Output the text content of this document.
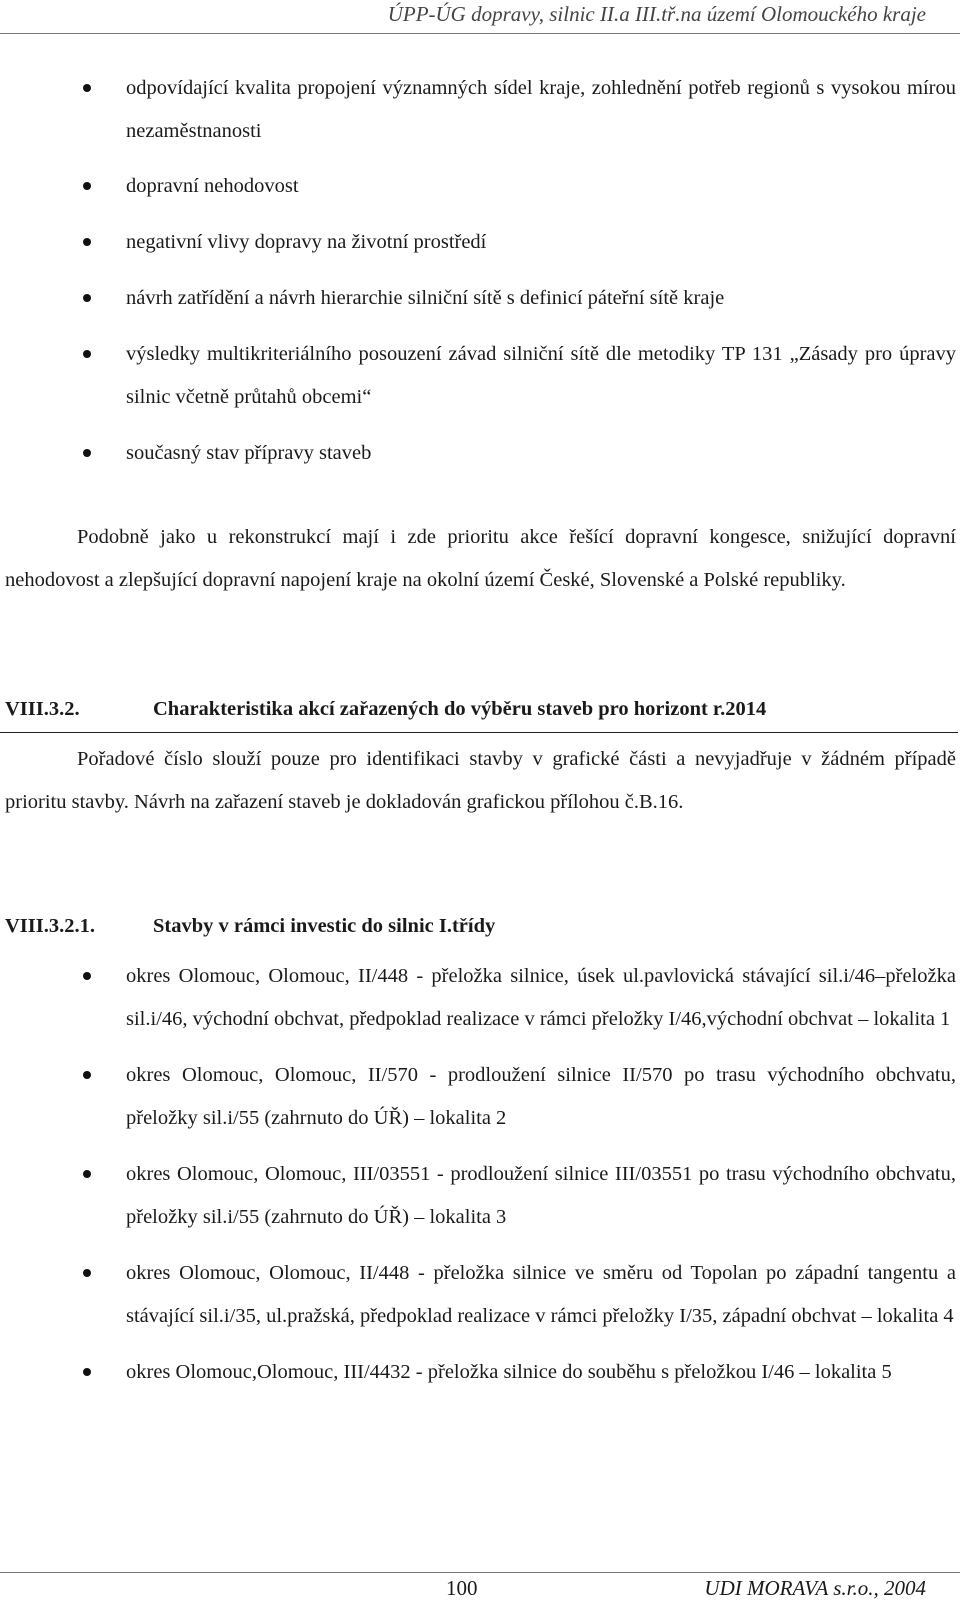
ÚPP-ÚG dopravy, silnic II.a III.tř.na území Olomouckého kraje
odpovídající kvalita propojení významných sídel kraje, zohlednění potřeb regionů s vysokou mírou nezaměstnanosti
dopravní nehodovost
negativní vlivy dopravy na životní prostředí
návrh zatřídění a návrh hierarchie silniční sítě s definicí páteřní sítě kraje
výsledky multikriteriálního posouzení závad silniční sítě dle metodiky TP 131 „Zásady pro úpravy silnic včetně průtahů obcemi“
současný stav přípravy staveb

Podobně jako u rekonstrukcí mají i zde prioritu akce řešící dopravní kongesce, snižující dopravní nehodovost a zlepšující dopravní napojení kraje na okolní území České, Slovenské a Polské republiky.

VIII.3.2.	Charakteristika akcí zařazených do výběru staveb pro horizont r.2014

Pořadové číslo slouží pouze pro identifikaci stavby v grafické části a nevyjadřuje v žádném případě prioritu stavby. Návrh na zařazení staveb je dokladován grafickou přílohou č.B.16.

VIII.3.2.1.	Stavby v rámci investic do silnic I.třídy
okres Olomouc, Olomouc, II/448 - přeložka silnice, úsek ul.pavlovická stávající sil.i/46–přeložka sil.i/46, východní obchvat, předpoklad realizace v rámci přeložky I/46,východní obchvat – lokalita 1
okres Olomouc, Olomouc, II/570 - prodloužení silnice II/570 po trasu východního obchvatu, přeložky sil.i/55 (zahrnuto do ÚŘ) – lokalita 2
okres Olomouc, Olomouc, III/03551 - prodloužení silnice III/03551 po trasu východního obchvatu, přeložky sil.i/55 (zahrnuto do ÚŘ) – lokalita 3
okres Olomouc, Olomouc, II/448 - přeložka silnice ve směru od Topolan po západní tangentu a stávající sil.i/35, ul.pražská, předpoklad realizace v rámci přeložky I/35, západní obchvat – lokalita 4
okres Olomouc,Olomouc, III/4432 - přeložka silnice do souběhu s přeložkou I/46 – lokalita 5
100	UDI MORAVA s.r.o., 2004
